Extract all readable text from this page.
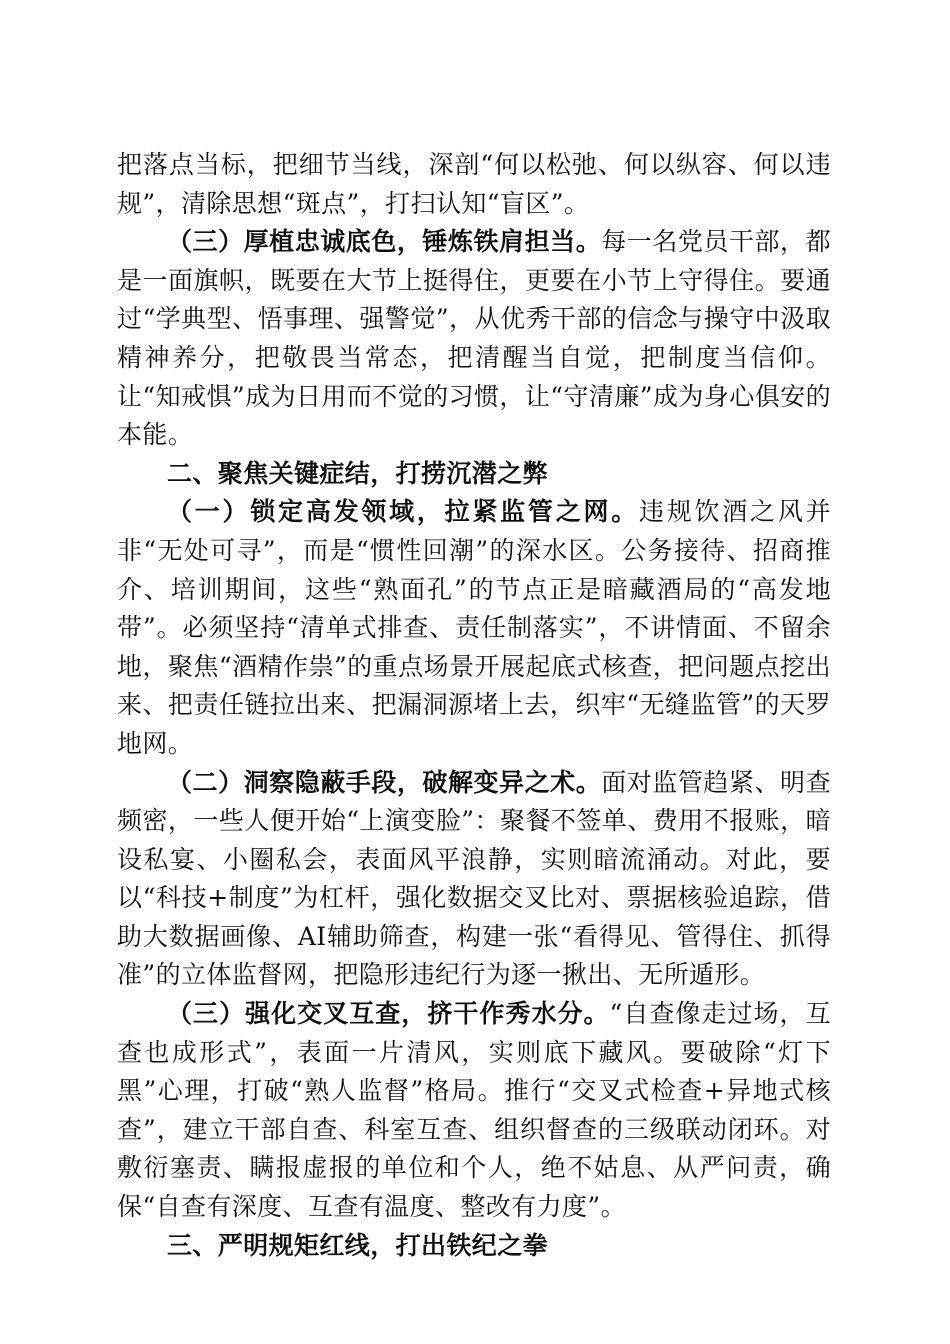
把落点当标，把细节当线，深剖“何以松弛、何以纵容、何以违规”，清除思想“斑点”，打扫认知“盲区”。

（三）厚植忠诚底色，锤炼铁肩担当。每一名党员干部，都是一面旗帜，既要在大节上挺得住，更要在小节上守得住。要通过“学典型、悟事理、强警觉”，从优秀干部的信念与操守中汲取精神养分，把敬畏当常态，把清醒当自觉，把制度当信仰。让“知戒惧”成为日用而不觉的习惯，让“守清廉”成为身心俱安的本能。

二、聚焦关键症结，打捞沉潜之弊

（一）锁定高发领域，拉紧监管之网。违规饮酒之风并非“无处可寻”，而是“惯性回潮”的深水区。公务接待、招商推介、培训期间，这些“熟面孔”的节点正是暗藏酒局的“高发地带”。必须坚持“清单式排查、责任制落实”，不讲情面、不留余地，聚焦“酒精作祟”的重点场景开展起底式核查，把问题点挖出来、把责任链拉出来、把漏洞源堵上去，织牢“无缝监管”的天罗地网。

（二）洞察隐蔽手段，破解变异之术。面对监管趋紧、明查频密，一些人便开始“上演变脸”：聚餐不签单、费用不报账，暗设私宴、小圈私会，表面风平浪静，实则暗流涌动。对此，要以“科技+制度”为杠杆，强化数据交叉比对、票据核验追踪，借助大数据画像、AI辅助筛查，构建一张“看得见、管得住、抓得准”的立体监督网，把隐形违纪行为逐一揪出、无所遁形。

（三）强化交叉互查，挤干作秀水分。“自查像走过场，互查也成形式”，表面一片清风，实则底下藏风。要破除“灯下黑”心理，打破“熟人监督”格局。推行“交叉式检查+异地式核查”，建立干部自查、科室互查、组织督查的三级联动闭环。对敷衍塞责、瞒报虚报的单位和个人，绝不姑息、从严问责，确保“自查有深度、互查有温度、整改有力度”。

三、严明规矩红线，打出铁纪之拳
